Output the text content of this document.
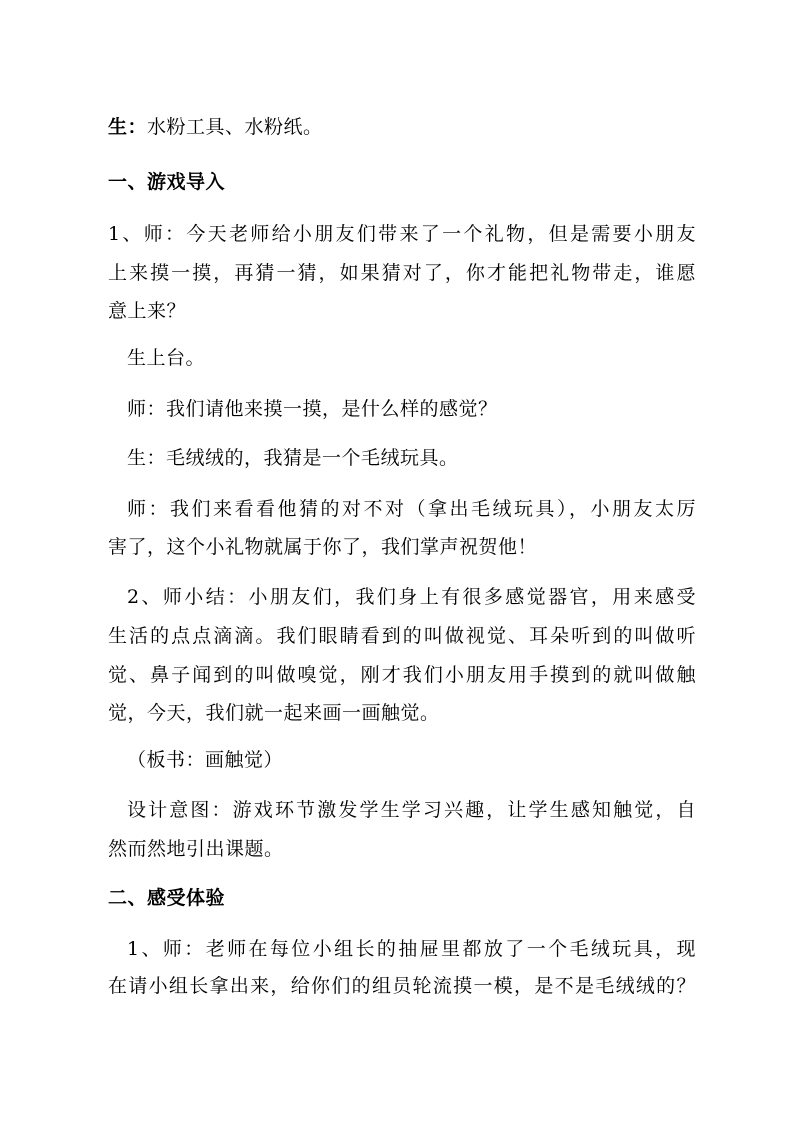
生：水粉工具、水粉纸。
一、游戏导入
1、师：今天老师给小朋友们带来了一个礼物，但是需要小朋友
上来摸一摸，再猜一猜，如果猜对了，你才能把礼物带走，谁愿
意上来？
生上台。
师：我们请他来摸一摸，是什么样的感觉？
生：毛绒绒的，我猜是一个毛绒玩具。
师：我们来看看他猜的对不对（拿出毛绒玩具），小朋友太厉
害了，这个小礼物就属于你了，我们掌声祝贺他！
2、师小结：小朋友们，我们身上有很多感觉器官，用来感受
生活的点点滴滴。我们眼睛看到的叫做视觉、耳朵听到的叫做听
觉、鼻子闻到的叫做嗅觉，刚才我们小朋友用手摸到的就叫做触
觉，今天，我们就一起来画一画触觉。
（板书：画触觉）
设计意图：游戏环节激发学生学习兴趣，让学生感知触觉，自
然而然地引出课题。
二、感受体验
1、师：老师在每位小组长的抽屉里都放了一个毛绒玩具，现
在请小组长拿出来，给你们的组员轮流摸一模，是不是毛绒绒的？
